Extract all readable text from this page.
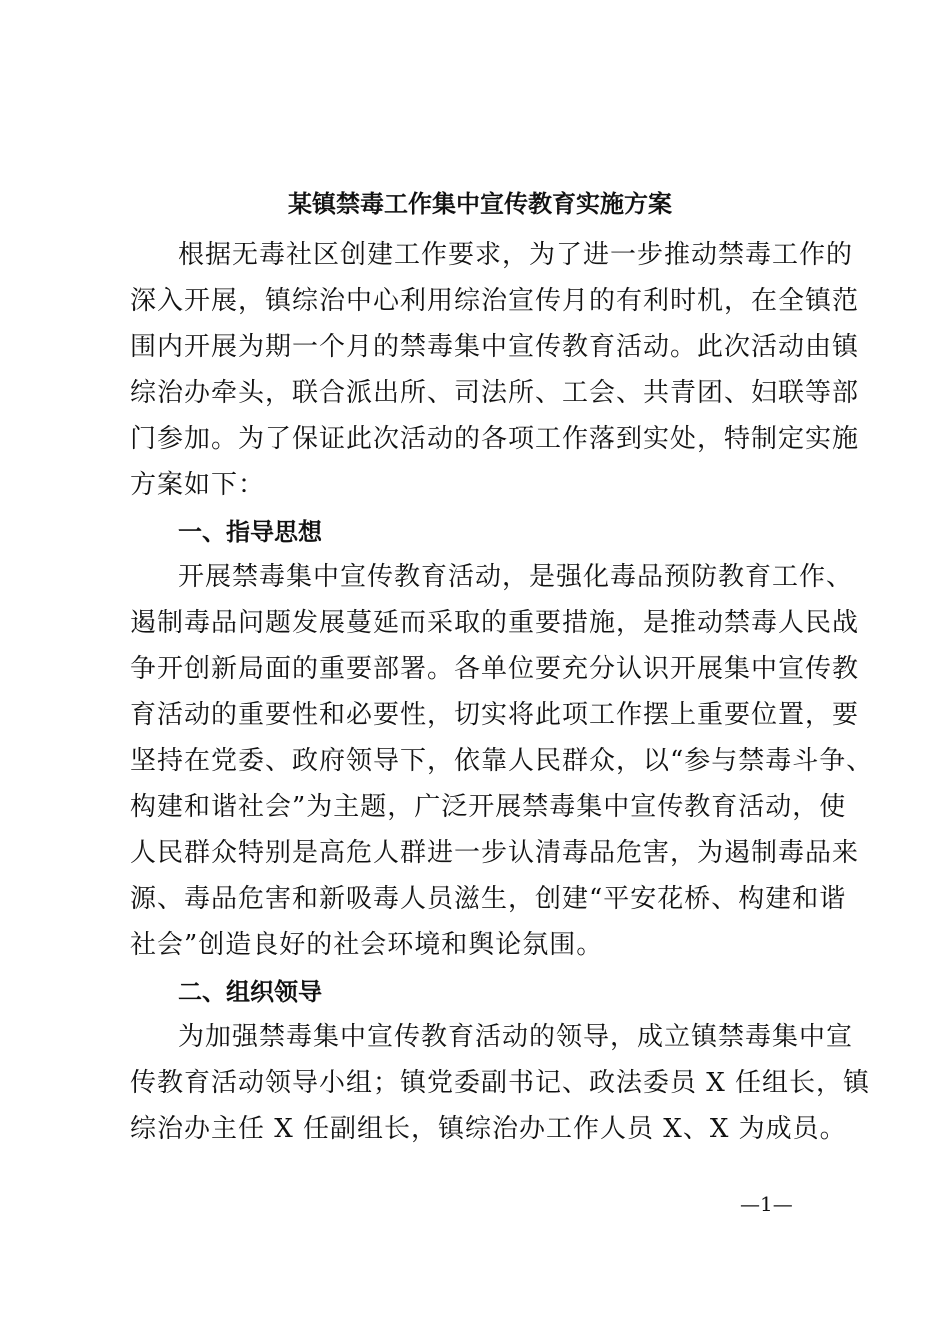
某镇禁毒工作集中宣传教育实施方案
根据无毒社区创建工作要求，为了进一步推动禁毒工作的
深入开展，镇综治中心利用综治宣传月的有利时机，在全镇范
围内开展为期一个月的禁毒集中宣传教育活动。此次活动由镇
综治办牵头，联合派出所、司法所、工会、共青团、妇联等部
门参加。为了保证此次活动的各项工作落到实处，特制定实施
方案如下：
一、指导思想
开展禁毒集中宣传教育活动，是强化毒品预防教育工作、
遏制毒品问题发展蔓延而采取的重要措施，是推动禁毒人民战
争开创新局面的重要部署。各单位要充分认识开展集中宣传教
育活动的重要性和必要性，切实将此项工作摆上重要位置，要
坚持在党委、政府领导下，依靠人民群众，以“参与禁毒斗争、
构建和谐社会”为主题，广泛开展禁毒集中宣传教育活动，使
人民群众特别是高危人群进一步认清毒品危害，为遏制毒品来
源、毒品危害和新吸毒人员滋生，创建“平安花桥、构建和谐
社会”创造良好的社会环境和舆论氛围。
二、组织领导
为加强禁毒集中宣传教育活动的领导，成立镇禁毒集中宣
传教育活动领导小组；镇党委副书记、政法委员 X 任组长，镇
综治办主任 X 任副组长，镇综治办工作人员 X、X 为成员。
—1—
